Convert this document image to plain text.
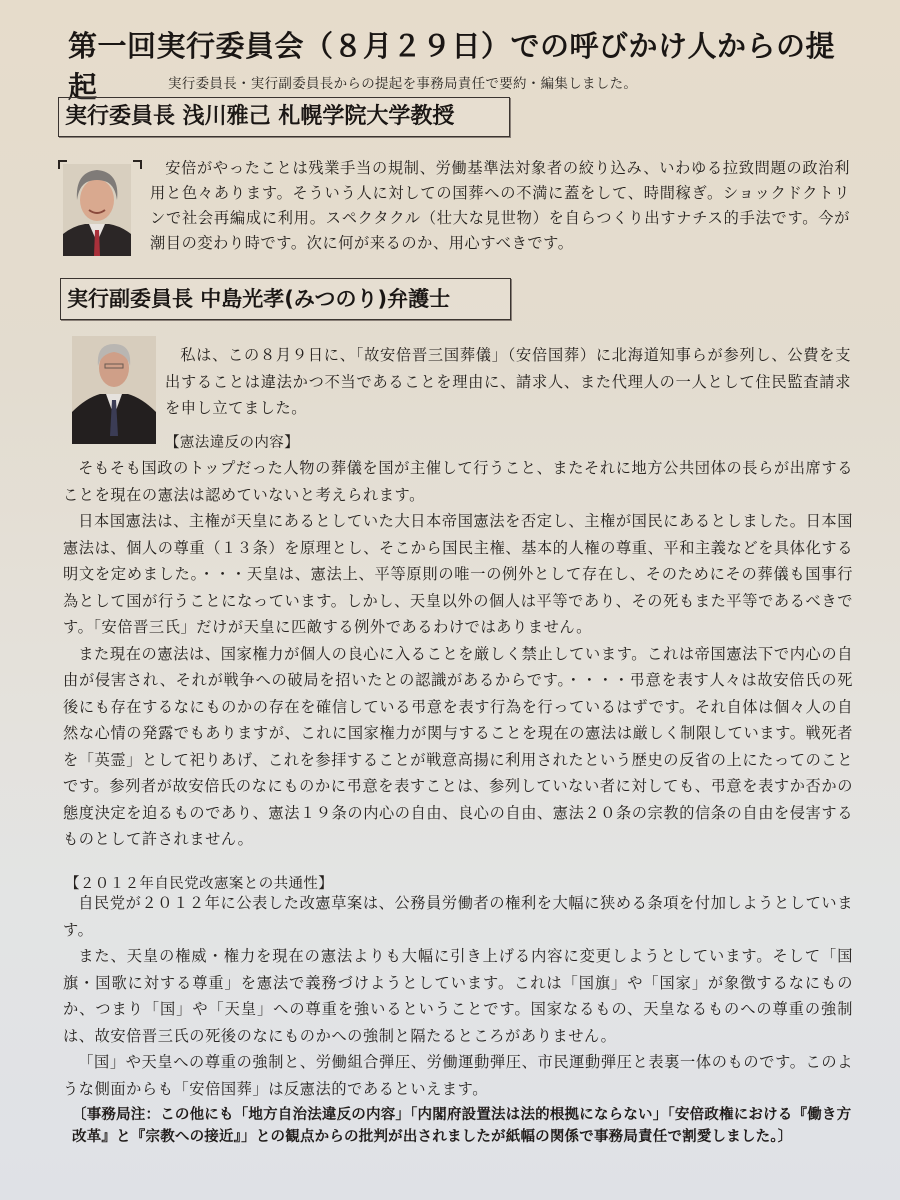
第一回実行委員会（８月２９日）での呼びかけ人からの提起	実行委員長・実行副委員長からの提起を事務局責任で要約・編集しました。
実行委員長 浅川雅己 札幌学院大学教授
安倍がやったことは残業手当の規制、労働基準法対象者の絞り込み、いわゆる拉致問題の政治利用と色々あります。そういう人に対しての国葬への不満に蓋をして、時間稼ぎ。ショックドクトリンで社会再編成に利用。スペクタクル（壮大な見世物）を自らつくり出すナチス的手法です。今が潮目の変わり時です。次に何が来るのか、用心すべきです。
実行副委員長 中島光孝(みつのり)弁護士
私は、この８月９日に、「故安倍晋三国葬儀」（安倍国葬）に北海道知事らが参列し、公費を支出することは違法かつ不当であることを理由に、請求人、また代理人の一人として住民監査請求を申し立てました。
【憲法違反の内容】
そもそも国政のトップだった人物の葬儀を国が主催して行うこと、またそれに地方公共団体の長らが出席することを現在の憲法は認めていないと考えられます。
日本国憲法は、主権が天皇にあるとしていた大日本帝国憲法を否定し、主権が国民にあるとしました。日本国憲法は、個人の尊重（１３条）を原理とし、そこから国民主権、基本的人権の尊重、平和主義などを具体化する明文を定めました。・・・天皇は、憲法上、平等原則の唯一の例外として存在し、そのためにその葬儀も国事行為として国が行うことになっています。しかし、天皇以外の個人は平等であり、その死もまた平等であるべきです。「安倍晋三氏」だけが天皇に匹敵する例外であるわけではありません。
また現在の憲法は、国家権力が個人の良心に入ることを厳しく禁止しています。これは帝国憲法下で内心の自由が侵害され、それが戦争への破局を招いたとの認識があるからです。・・・・弔意を表す人々は故安倍氏の死後にも存在するなにものかの存在を確信している弔意を表す行為を行っているはずです。それ自体は個々人の自然な心情の発露でもありますが、これに国家権力が関与することを現在の憲法は厳しく制限しています。戦死者を「英霊」として祀りあげ、これを参拝することが戦意高揚に利用されたという歴史の反省の上にたってのことです。参列者が故安倍氏のなにものかに弔意を表すことは、参列していない者に対しても、弔意を表すか否かの態度決定を迫るものであり、憲法１９条の内心の自由、良心の自由、憲法２０条の宗教的信条の自由を侵害するものとして許されません。
【２０１２年自民党改憲案との共通性】
自民党が２０１２年に公表した改憲草案は、公務員労働者の権利を大幅に狭める条項を付加しようとしています。
また、天皇の権威・権力を現在の憲法よりも大幅に引き上げる内容に変更しようとしています。そして「国旗・国歌に対する尊重」を憲法で義務づけようとしています。これは「国旗」や「国家」が象徴するなにものか、つまり「国」や「天皇」への尊重を強いるということです。国家なるもの、天皇なるものへの尊重の強制は、故安倍晋三氏の死後のなにものかへの強制と隔たるところがありません。
「国」や天皇への尊重の強制と、労働組合弾圧、労働運動弾圧、市民運動弾圧と表裏一体のものです。このような側面からも「安倍国葬」は反憲法的であるといえます。
〔事務局注：この他にも「地方自治法違反の内容」「内閣府設置法は法的根拠にならない」「安倍政権における『働き方改革』と『宗教への接近』」との観点からの批判が出されましたが紙幅の関係で事務局責任で割愛しました。〕
